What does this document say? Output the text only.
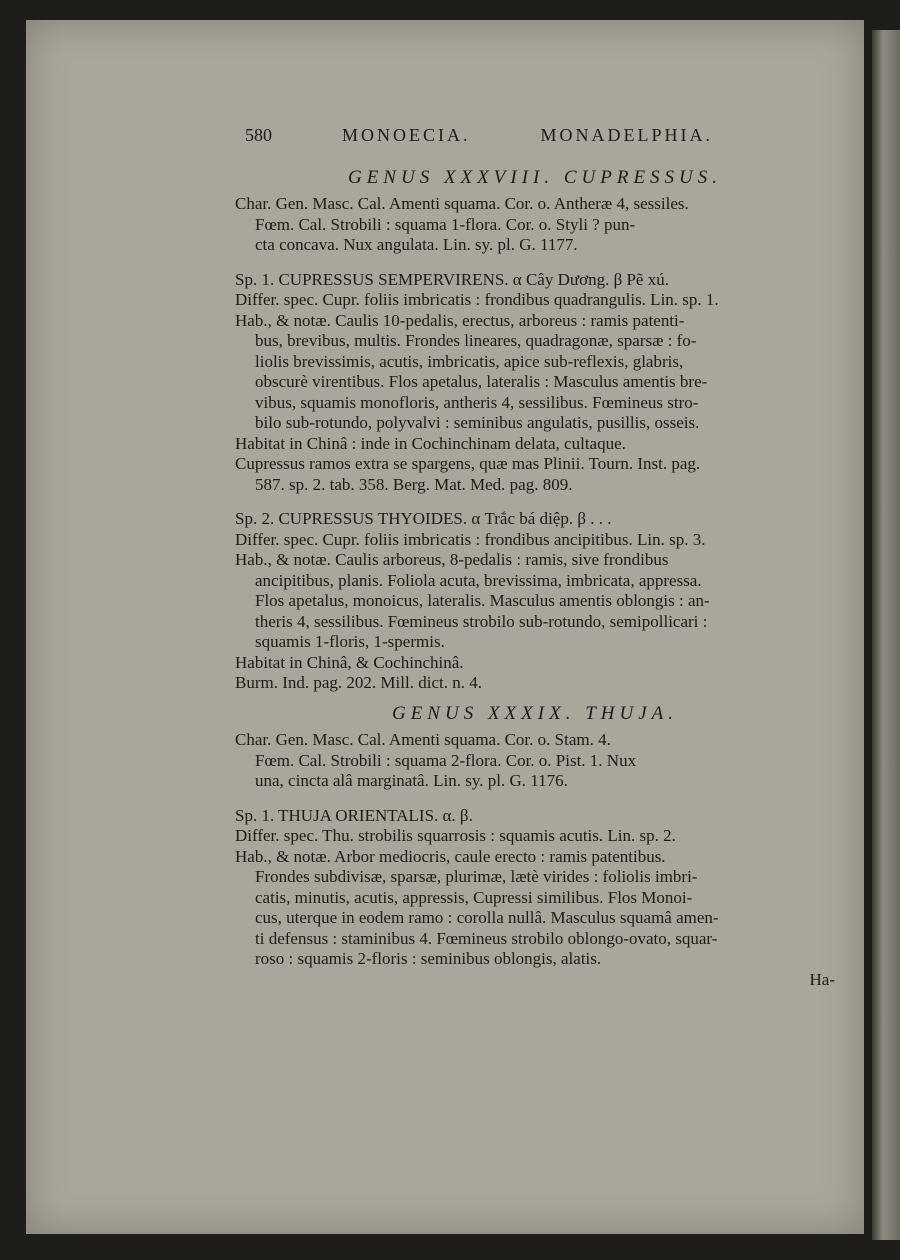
580	MONOECIA.	MONADELPHIA.
GENUS XXXVIII. CUPRESSUS.
Char. Gen. Masc. Cal. Amenti squama. Cor. o. Antheræ 4, sessiles.
Fœm. Cal. Strobili : squama 1-flora. Cor. o. Styli ? pun-
cta concava. Nux angulata. Lin. sy. pl. G. 1177.
Sp. 1. CUPRESSUS SEMPERVIRENS. α Cây Dương. β Pẽ xú.
Differ. spec. Cupr. foliis imbricatis : frondibus quadrangulis. Lin. sp. 1.
Hab., & notæ. Caulis 10-pedalis, erectus, arboreus : ramis patenti-
bus, brevibus, multis. Frondes lineares, quadragonæ, sparsæ : fo-
liolis brevissimis, acutis, imbricatis, apice sub-reflexis, glabris,
obscurè virentibus. Flos apetalus, lateralis : Masculus amentis bre-
vibus, squamis monofloris, antheris 4, sessilibus. Fœmineus stro-
bilo sub-rotundo, polyvalvi : seminibus angulatis, pusillis, osseis.
Habitat in Chinâ : inde in Cochinchinam delata, cultaque.
Cupressus ramos extra se spargens, quæ mas Plinii. Tourn. Inst. pag.
587. sp. 2. tab. 358. Berg. Mat. Med. pag. 809.
Sp. 2. CUPRESSUS THYOIDES. α Trắc bá diệp. β . . .
Differ. spec. Cupr. foliis imbricatis : frondibus ancipitibus. Lin. sp. 3.
Hab., & notæ. Caulis arboreus, 8-pedalis : ramis, sive frondibus
ancipitibus, planis. Foliola acuta, brevissima, imbricata, appressa.
Flos apetalus, monoicus, lateralis. Masculus amentis oblongis : an-
theris 4, sessilibus. Fœmineus strobilo sub-rotundo, semipollicari :
squamis 1-floris, 1-spermis.
Habitat in Chinâ, & Cochinchinâ.
Burm. Ind. pag. 202. Mill. dict. n. 4.
GENUS XXXIX. THUJA.
Char. Gen. Masc. Cal. Amenti squama. Cor. o. Stam. 4.
Fœm. Cal. Strobili : squama 2-flora. Cor. o. Pist. 1. Nux
una, cincta alâ marginatâ. Lin. sy. pl. G. 1176.
Sp. 1. THUJA ORIENTALIS. α. β.
Differ. spec. Thu. strobilis squarrosis : squamis acutis. Lin. sp. 2.
Hab., & notæ. Arbor mediocris, caule erecto : ramis patentibus.
Frondes subdivisæ, sparsæ, plurimæ, lætè virides : foliolis imbri-
catis, minutis, acutis, appressis, Cupressi similibus. Flos Monoi-
cus, uterque in eodem ramo : corolla nullâ. Masculus squamâ amen-
ti defensus : staminibus 4. Fœmineus strobilo oblongo-ovato, squar-
roso : squamis 2-floris : seminibus oblongis, alatis.
Ha-
